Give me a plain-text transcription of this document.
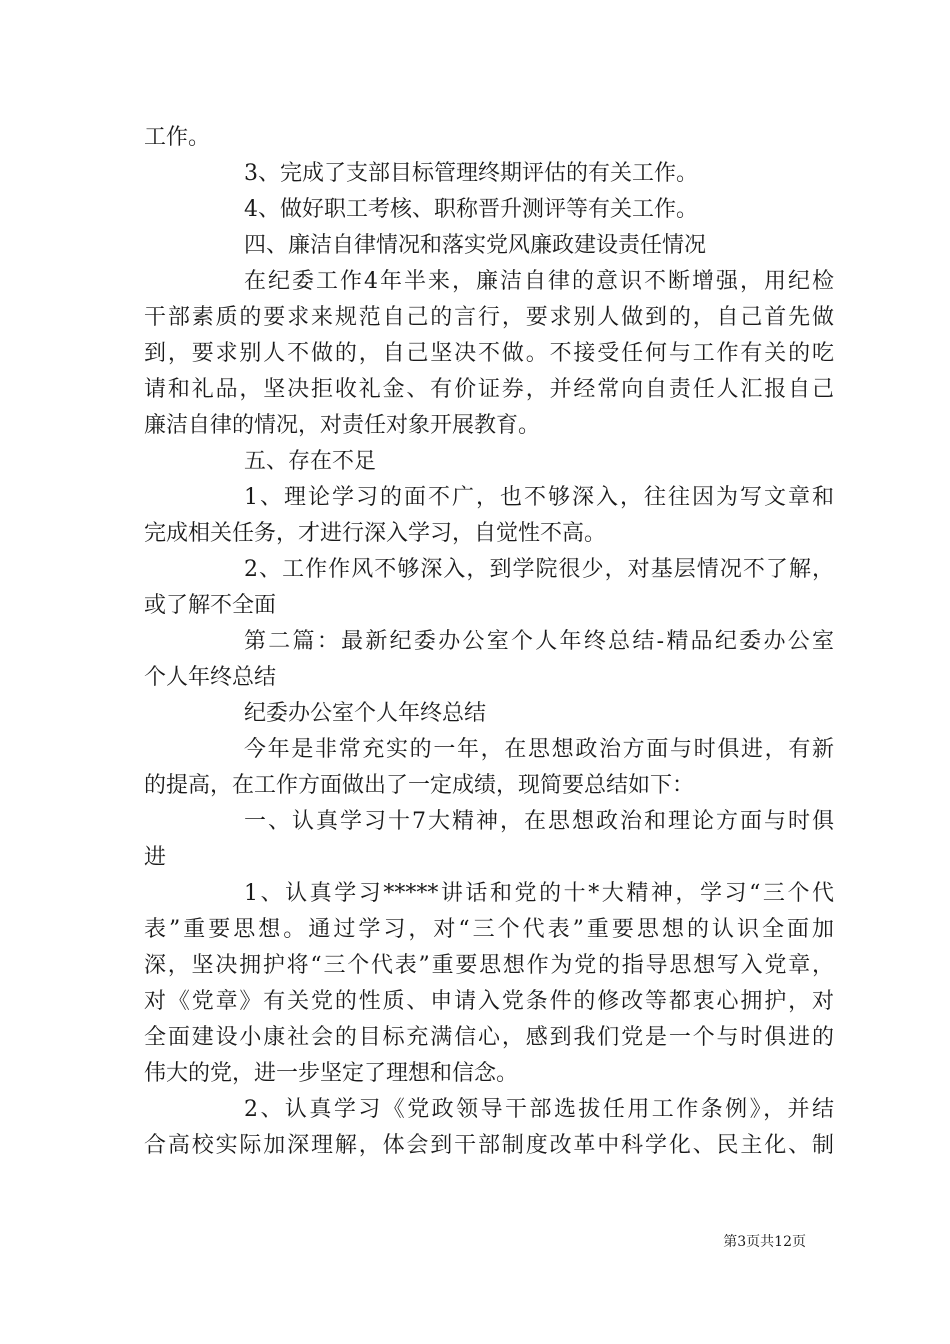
工作。
3、完成了支部目标管理终期评估的有关工作。
4、做好职工考核、职称晋升测评等有关工作。
四、廉洁自律情况和落实党风廉政建设责任情况
在纪委工作4年半来，廉洁自律的意识不断增强，用纪检
干部素质的要求来规范自己的言行，要求别人做到的，自己首先做
到，要求别人不做的，自己坚决不做。不接受任何与工作有关的吃
请和礼品，坚决拒收礼金、有价证券，并经常向自责任人汇报自己
廉洁自律的情况，对责任对象开展教育。
五、存在不足
1、理论学习的面不广，也不够深入，往往因为写文章和
完成相关任务，才进行深入学习，自觉性不高。
2、工作作风不够深入，到学院很少，对基层情况不了解，
或了解不全面
第二篇：最新纪委办公室个人年终总结-精品纪委办公室
个人年终总结
纪委办公室个人年终总结
今年是非常充实的一年，在思想政治方面与时俱进，有新
的提高，在工作方面做出了一定成绩，现简要总结如下：
一、认真学习十7大精神，在思想政治和理论方面与时俱
进
1、认真学习*****讲话和党的十*大精神，学习“三个代
表”重要思想。通过学习，对“三个代表”重要思想的认识全面加
深，坚决拥护将“三个代表”重要思想作为党的指导思想写入党章，
对《党章》有关党的性质、申请入党条件的修改等都衷心拥护，对
全面建设小康社会的目标充满信心，感到我们党是一个与时俱进的
伟大的党，进一步坚定了理想和信念。
2、认真学习《党政领导干部选拔任用工作条例》，并结
合高校实际加深理解，体会到干部制度改革中科学化、民主化、制
第3页共12页
